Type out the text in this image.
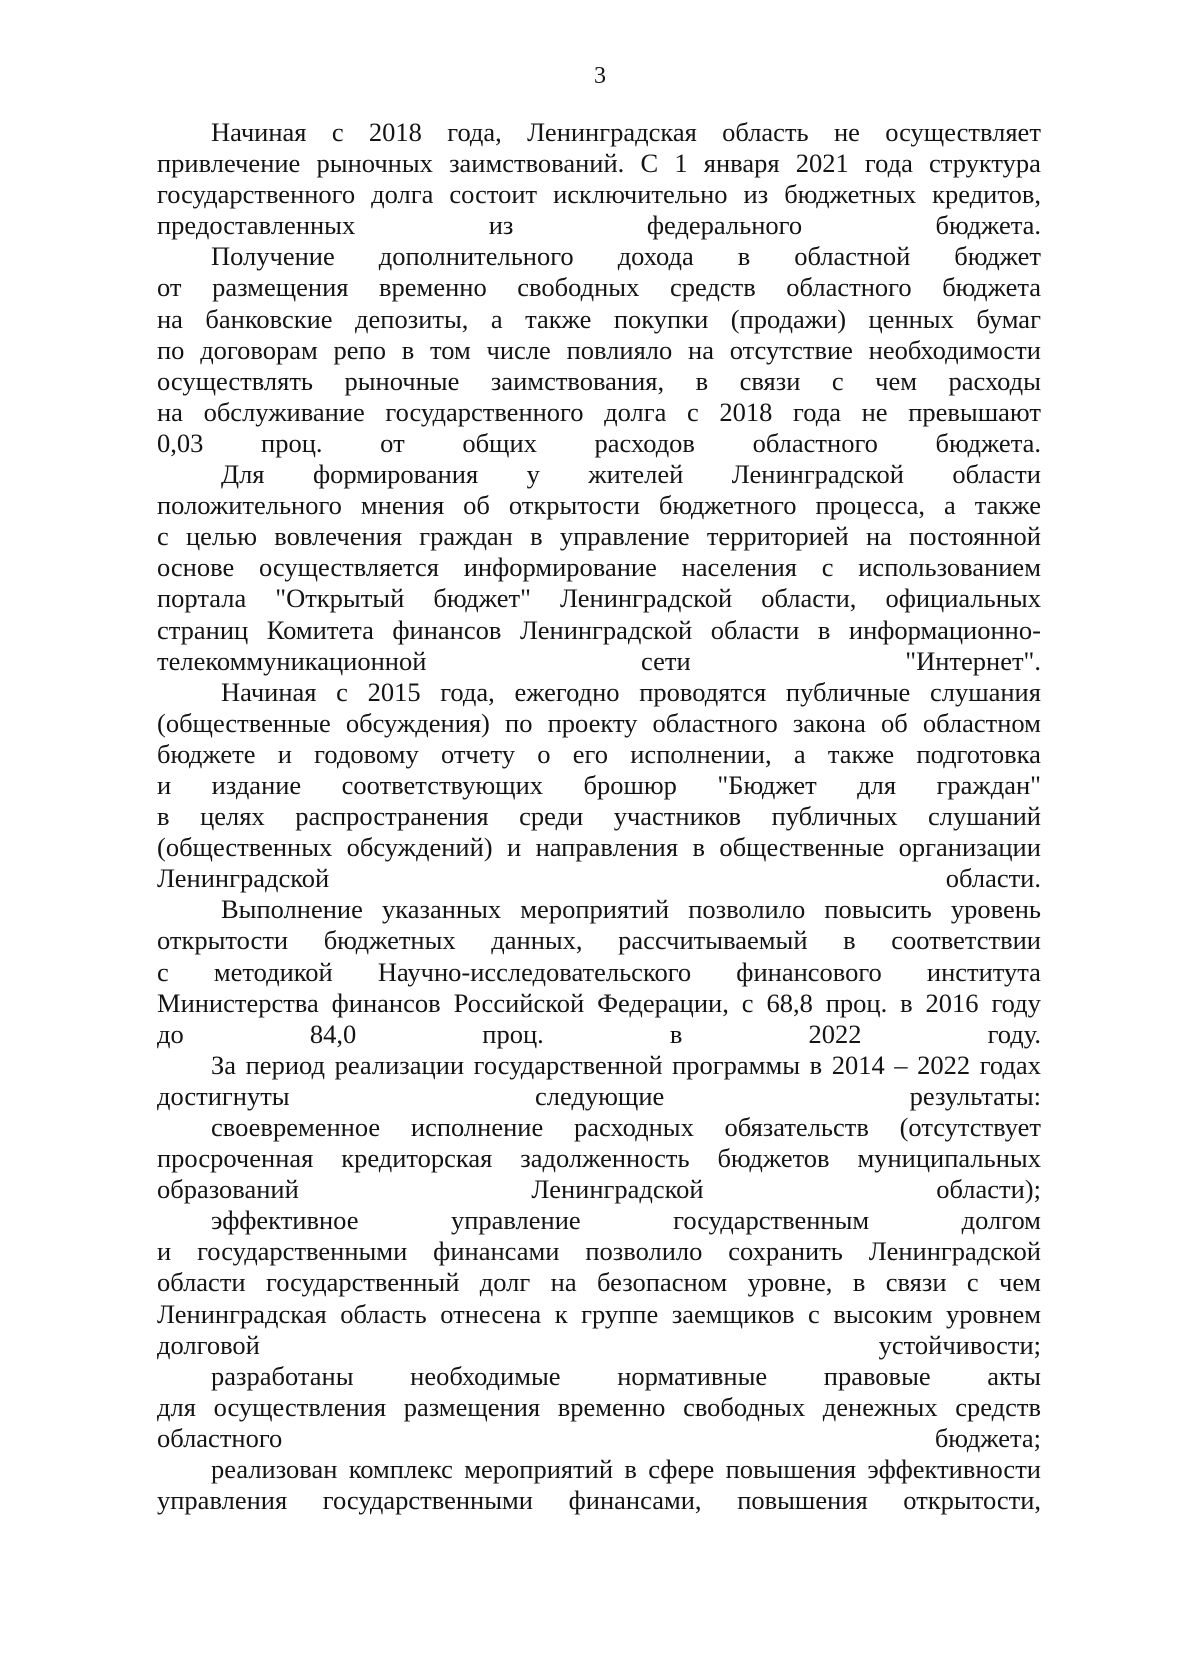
3

Начиная с 2018 года, Ленинградская область не осуществляет
привлечение рыночных заимствований. С 1 января 2021 года структура
государственного долга состоит исключительно из бюджетных кредитов,
предоставленных из федерального бюджета.

Получение дополнительного дохода в областной бюджет
от размещения временно свободных средств областного бюджета
на банковские депозиты, а также покупки (продажи) ценных бумаг
по договорам репо в том числе повлияло на отсутствие необходимости
осуществлять рыночные заимствования, в связи с чем расходы
на обслуживание государственного долга с 2018 года не превышают
0,03 проц. от общих расходов областного бюджета.

Для формирования у жителей Ленинградской области
положительного мнения об открытости бюджетного процесса, а также
с целью вовлечения граждан в управление территорией на постоянной
основе осуществляется информирование населения с использованием
портала "Открытый бюджет" Ленинградской области, официальных
страниц Комитета финансов Ленинградской области в информационно-
телекоммуникационной сети "Интернет".

Начиная с 2015 года, ежегодно проводятся публичные слушания
(общественные обсуждения) по проекту областного закона об областном
бюджете и годовому отчету о его исполнении, а также подготовка
и издание соответствующих брошюр "Бюджет для граждан"
в целях распространения среди участников публичных слушаний
(общественных обсуждений) и направления в общественные организации
Ленинградской области.

Выполнение указанных мероприятий позволило повысить уровень
открытости бюджетных данных, рассчитываемый в соответствии
с методикой Научно-исследовательского финансового института
Министерства финансов Российской Федерации, с 68,8 проц. в 2016 году
до 84,0 проц. в 2022 году.

За период реализации государственной программы в 2014 – 2022 годах
достигнуты следующие результаты:

своевременное исполнение расходных обязательств (отсутствует
просроченная кредиторская задолженность бюджетов муниципальных
образований Ленинградской области);

эффективное	управление	государственным	долгом
и государственными финансами позволило сохранить Ленинградской
области государственный долг на безопасном уровне, в связи с чем
Ленинградская область отнесена к группе заемщиков с высоким уровнем
долговой устойчивости;

разработаны необходимые нормативные правовые акты
для осуществления размещения временно свободных денежных средств
областного бюджета;

реализован комплекс мероприятий в сфере повышения эффективности
управления государственными финансами, повышения открытости,
